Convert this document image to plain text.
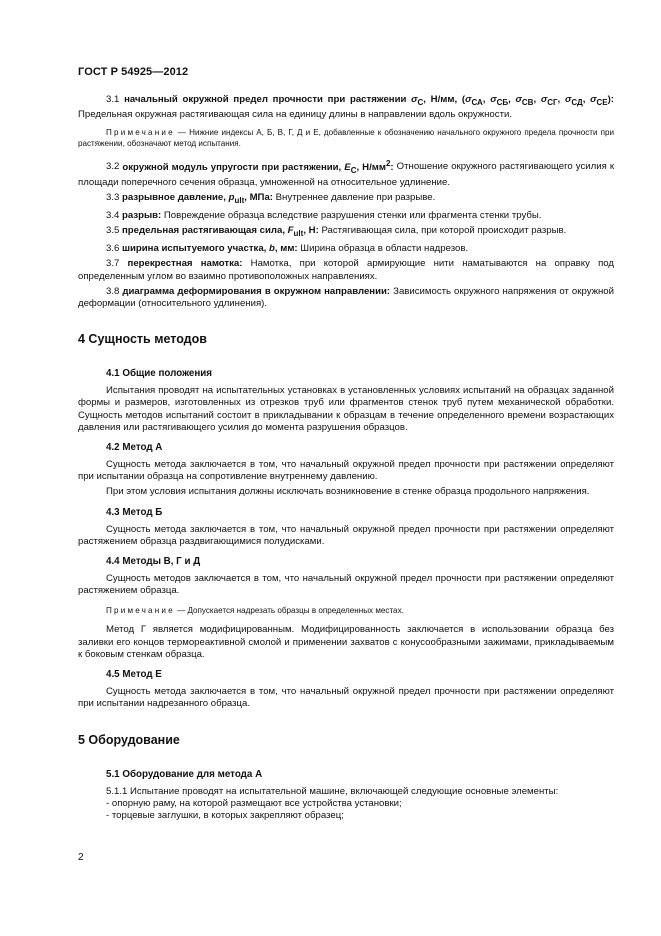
ГОСТ Р 54925—2012

3.1 начальный окружной предел прочности при растяжении $\sigma_С$, Н/мм, ($\sigma_{СА}$, $\sigma_{СБ}$, $\sigma_{СВ}$, $\sigma_{СГ}$, $\sigma_{СД}$, $\sigma_{СЕ}$): Предельная окружная растягивающая сила на единицу длины в направлении вдоль окружности.

Примечание — Нижние индексы А, Б, В, Г, Д и Е, добавленные к обозначению начального окружного предела прочности при растяжении, обозначают метод испытания.

3.2 окружной модуль упругости при растяжении, $E_C$, $Н/мм^2$: Отношение окружного растягивающего усилия к площади поперечного сечения образца, умноженной на относительное удлинение.

3.3 разрывное давление, $p_{ult}$, МПа: Внутреннее давление при разрыве.

3.4 разрыв: Повреждение образца вследствие разрушения стенки или фрагмента стенки трубы.

3.5 предельная растягивающая сила, $F_{ult}$, Н: Растягивающая сила, при которой происходит разрыв.

3.6 ширина испытуемого участка, b, мм: Ширина образца в области надрезов.

3.7 перекрестная намотка: Намотка, при которой армирующие нити наматываются на оправку под определенным углом во взаимно противоположных направлениях.

3.8 диаграмма деформирования в окружном направлении: Зависимость окружного напряжения от окружной деформации (относительного удлинения).

4 Сущность методов
4.1 Общие положения

Испытания проводят на испытательных установках в установленных условиях испытаний на образцах заданной формы и размеров, изготовленных из отрезков труб или фрагментов стенок труб путем механической обработки. Сущность методов испытаний состоит в прикладывании к образцам в течение определенного времени возрастающих давления или растягивающего усилия до момента разрушения образцов.

4.2 Метод А

Сущность метода заключается в том, что начальный окружной предел прочности при растяжении определяют при испытании образца на сопротивление внутреннему давлению.

При этом условия испытания должны исключать возникновение в стенке образца продольного напряжения.

4.3 Метод Б

Сущность метода заключается в том, что начальный окружной предел прочности при растяжении определяют растяжением образца раздвигающимися полудисками.

4.4 Методы В, Г и Д

Сущность методов заключается в том, что начальный окружной предел прочности при растяжении определяют растяжением образца.

Примечание — Допускается надрезать образцы в определенных местах.

Метод Г является модифицированным. Модифицированность заключается в использовании образца без заливки его концов термореактивной смолой и применении захватов с конусообразными зажимами, прикладываемым к боковым стенкам образца.

4.5 Метод Е

Сущность метода заключается в том, что начальный окружной предел прочности при растяжении определяют при испытании надрезанного образца.

5 Оборудование
5.1 Оборудование для метода А

5.1.1 Испытание проводят на испытательной машине, включающей следующие основные элементы:

- опорную раму, на которой размещают все устройства установки;
- торцевые заглушки, в которых закрепляют образец;
2
